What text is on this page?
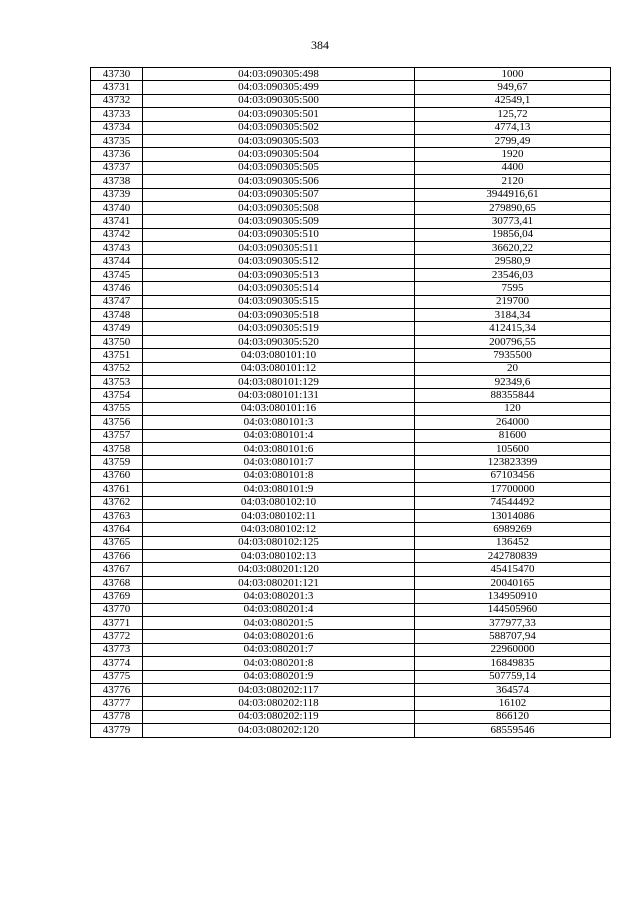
384
43730	04:03:090305:498	1000
43731	04:03:090305:499	949,67
43732	04:03:090305:500	42549,1
43733	04:03:090305:501	125,72
43734	04:03:090305:502	4774,13
43735	04:03:090305:503	2799,49
43736	04:03:090305:504	1920
43737	04:03:090305:505	4400
43738	04:03:090305:506	2120
43739	04:03:090305:507	3944916,61
43740	04:03:090305:508	279890,65
43741	04:03:090305:509	30773,41
43742	04:03:090305:510	19856,04
43743	04:03:090305:511	36620,22
43744	04:03:090305:512	29580,9
43745	04:03:090305:513	23546,03
43746	04:03:090305:514	7595
43747	04:03:090305:515	219700
43748	04:03:090305:518	3184,34
43749	04:03:090305:519	412415,34
43750	04:03:090305:520	200796,55
43751	04:03:080101:10	7935500
43752	04:03:080101:12	20
43753	04:03:080101:129	92349,6
43754	04:03:080101:131	88355844
43755	04:03:080101:16	120
43756	04:03:080101:3	264000
43757	04:03:080101:4	81600
43758	04:03:080101:6	105600
43759	04:03:080101:7	123823399
43760	04:03:080101:8	67103456
43761	04:03:080101:9	17700000
43762	04:03:080102:10	74544492
43763	04:03:080102:11	13014086
43764	04:03:080102:12	6989269
43765	04:03:080102:125	136452
43766	04:03:080102:13	242780839
43767	04:03:080201:120	45415470
43768	04:03:080201:121	20040165
43769	04:03:080201:3	134950910
43770	04:03:080201:4	144505960
43771	04:03:080201:5	377977,33
43772	04:03:080201:6	588707,94
43773	04:03:080201:7	22960000
43774	04:03:080201:8	16849835
43775	04:03:080201:9	507759,14
43776	04:03:080202:117	364574
43777	04:03:080202:118	16102
43778	04:03:080202:119	866120
43779	04:03:080202:120	68559546
